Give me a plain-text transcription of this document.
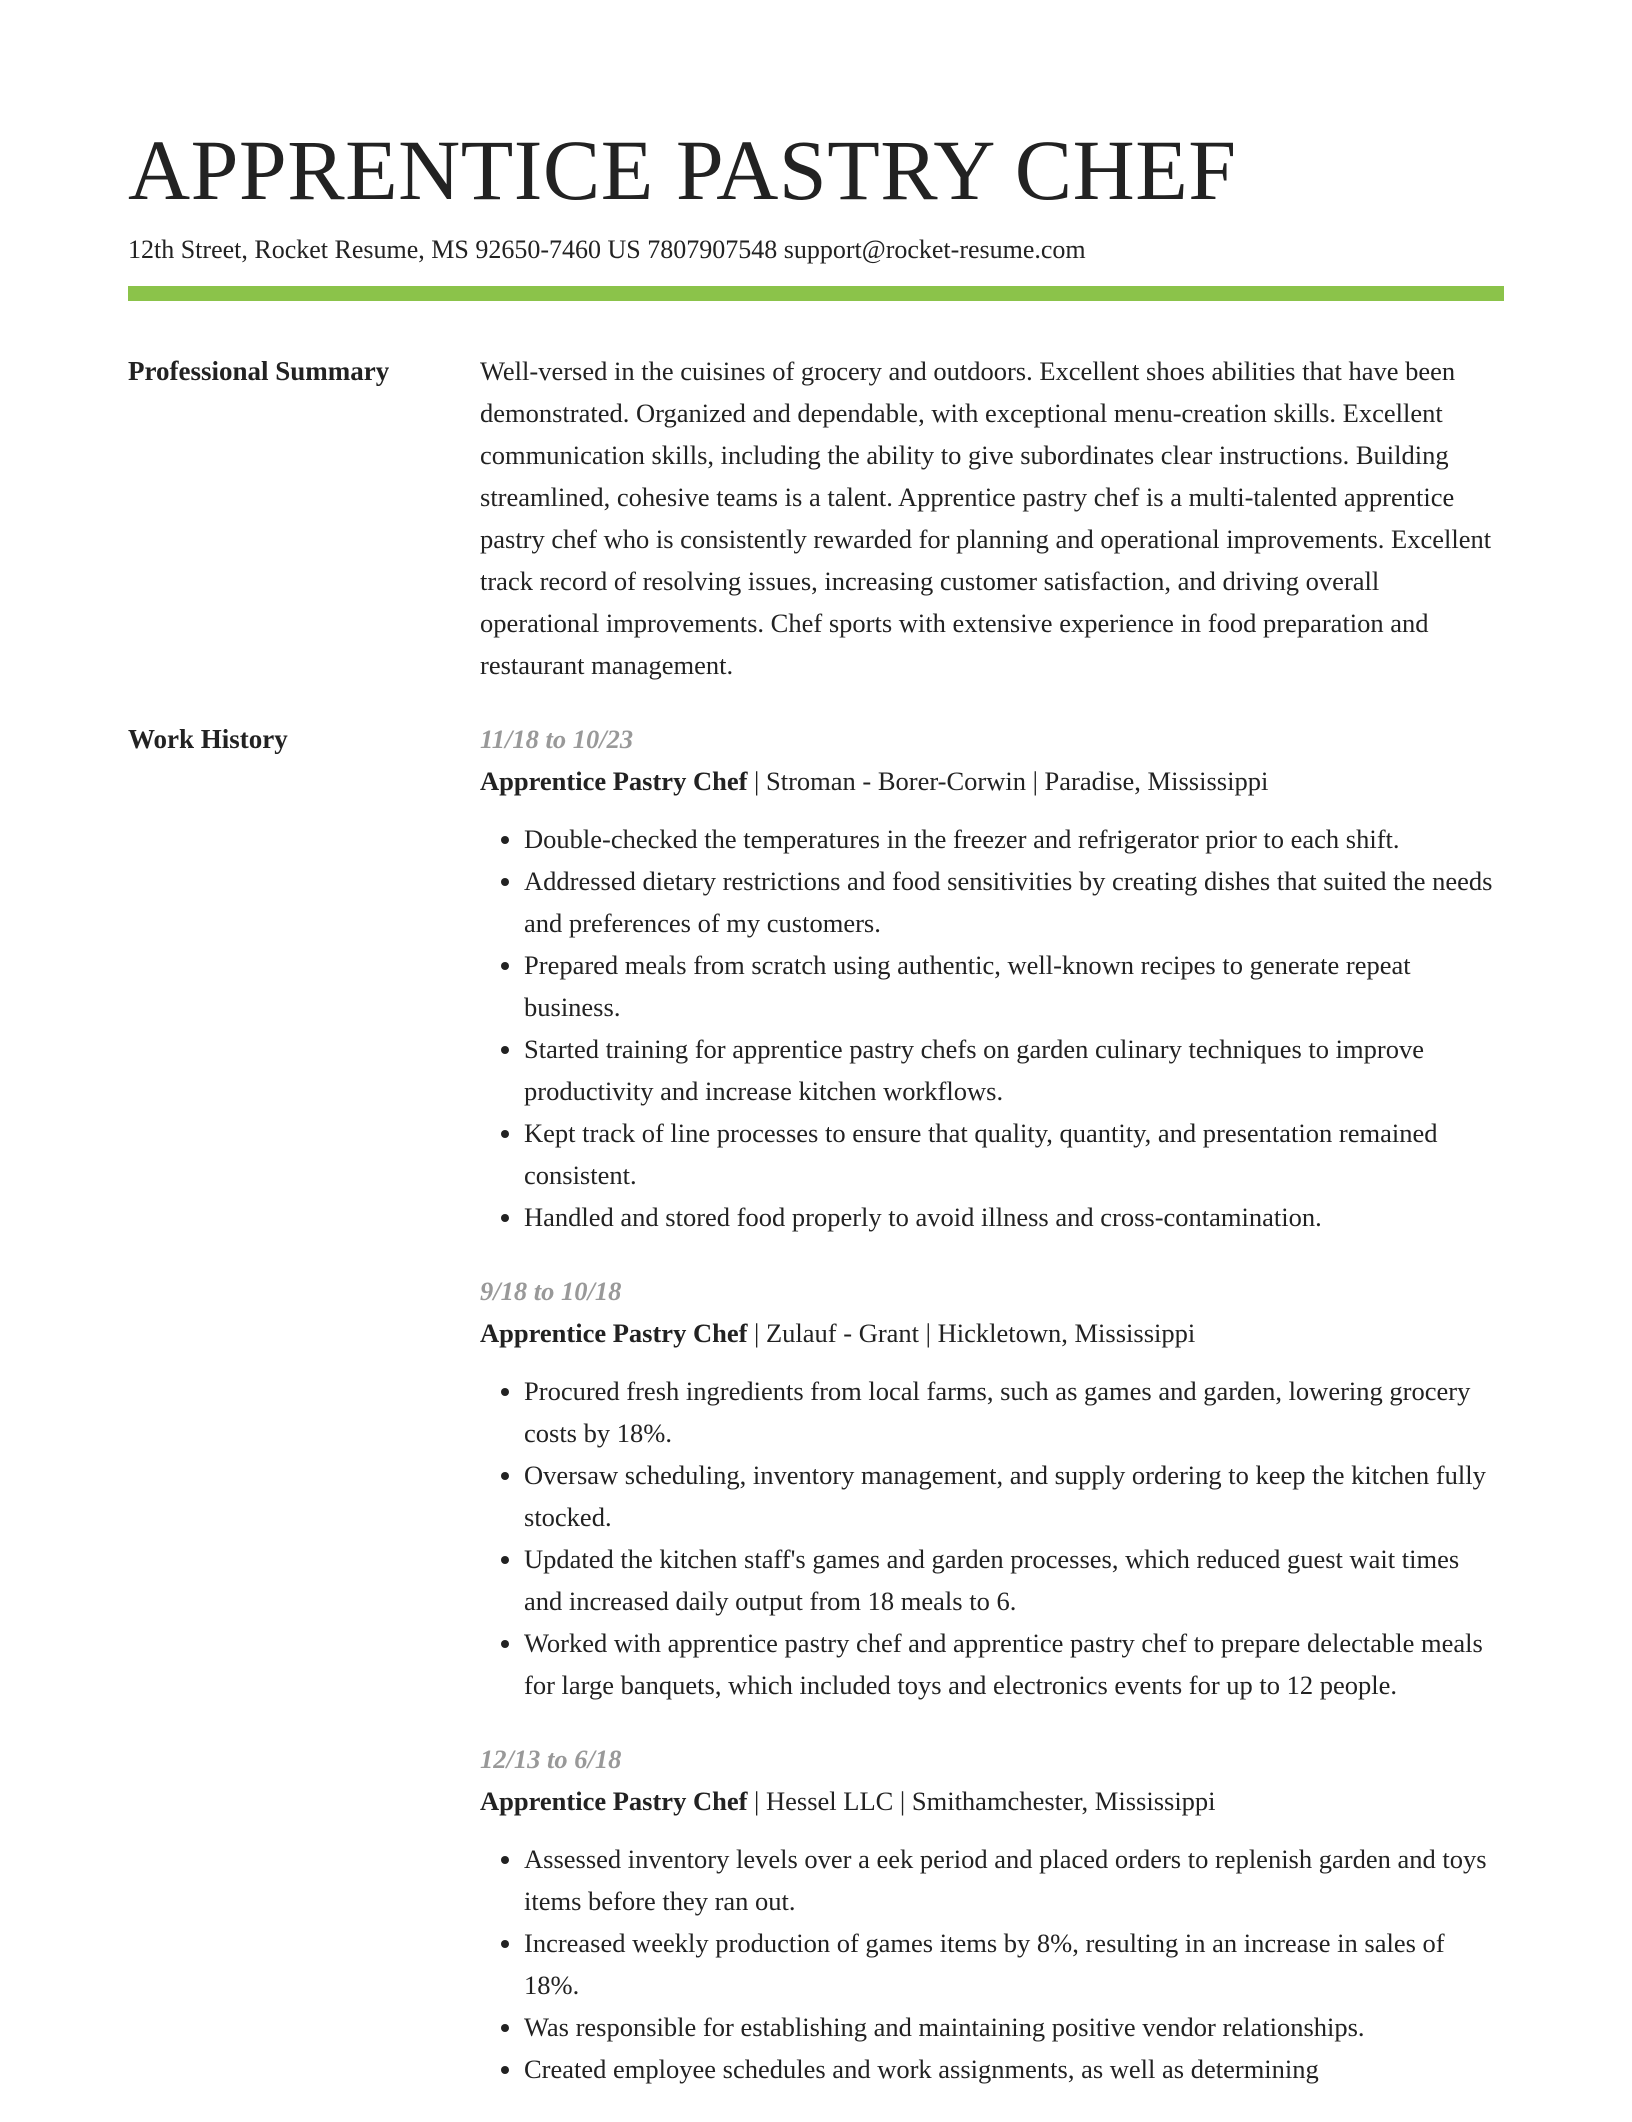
APPRENTICE PASTRY CHEF
12th Street, Rocket Resume, MS 92650-7460 US 7807907548 support@rocket-resume.com
Professional Summary	Well-versed in the cuisines of grocery and outdoors. Excellent shoes abilities that have been demonstrated. Organized and dependable, with exceptional menu-creation skills. Excellent communication skills, including the ability to give subordinates clear instructions. Building streamlined, cohesive teams is a talent. Apprentice pastry chef is a multi-talented apprentice pastry chef who is consistently rewarded for planning and operational improvements. Excellent track record of resolving issues, increasing customer satisfaction, and driving overall operational improvements. Chef sports with extensive experience in food preparation and restaurant management.

Work History	11/18 to 10/23
Apprentice Pastry Chef | Stroman - Borer-Corwin | Paradise, Mississippi
• Double-checked the temperatures in the freezer and refrigerator prior to each shift.
• Addressed dietary restrictions and food sensitivities by creating dishes that suited the needs and preferences of my customers.
• Prepared meals from scratch using authentic, well-known recipes to generate repeat business.
• Started training for apprentice pastry chefs on garden culinary techniques to improve productivity and increase kitchen workflows.
• Kept track of line processes to ensure that quality, quantity, and presentation remained consistent.
• Handled and stored food properly to avoid illness and cross-contamination.
9/18 to 10/18
Apprentice Pastry Chef | Zulauf - Grant | Hickletown, Mississippi
• Procured fresh ingredients from local farms, such as games and garden, lowering grocery costs by 18%.
• Oversaw scheduling, inventory management, and supply ordering to keep the kitchen fully stocked.
• Updated the kitchen staff's games and garden processes, which reduced guest wait times and increased daily output from 18 meals to 6.
• Worked with apprentice pastry chef and apprentice pastry chef to prepare delectable meals for large banquets, which included toys and electronics events for up to 12 people.
12/13 to 6/18
Apprentice Pastry Chef | Hessel LLC | Smithamchester, Mississippi
• Assessed inventory levels over a eek period and placed orders to replenish garden and toys items before they ran out.
• Increased weekly production of games items by 8%, resulting in an increase in sales of 18%.
• Was responsible for establishing and maintaining positive vendor relationships.
• Created employee schedules and work assignments, as well as determining
